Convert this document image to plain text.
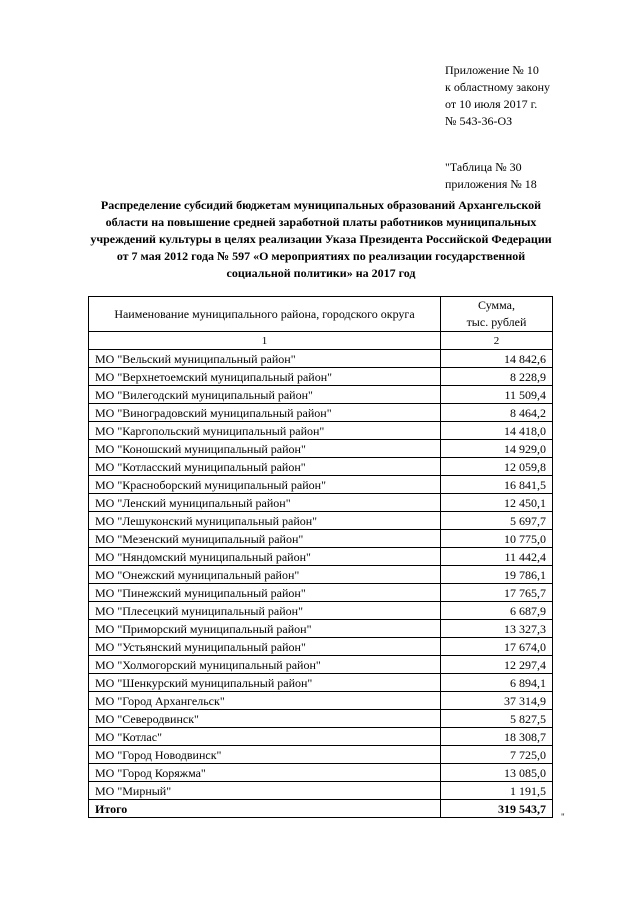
Приложение № 10
к областному закону
от 10 июля 2017 г.
№ 543-36-ОЗ
"Таблица № 30
приложения № 18
Распределение субсидий бюджетам муниципальных образований Архангельской области на повышение средней заработной платы работников муниципальных учреждений культуры в целях реализации Указа Президента Российской Федерации от 7 мая 2012 года № 597 «О мероприятиях по реализации государственной социальной политики» на 2017 год
Наименование муниципального района, городского округа	Сумма,
тыс. рублей

1	2
МО "Вельский муниципальный район"	14 842,6
МО "Верхнетоемский муниципальный район"	8 228,9
МО "Вилегодский муниципальный район"	11 509,4
МО "Виноградовский муниципальный район"	8 464,2
МО "Каргопольский муниципальный район"	14 418,0
МО "Коношский муниципальный район"	14 929,0
МО "Котласский муниципальный район"	12 059,8
МО "Красноборский муниципальный район"	16 841,5
МО "Ленский муниципальный район"	12 450,1
МО "Лешуконский муниципальный район"	5 697,7
МО "Мезенский муниципальный район"	10 775,0
МО "Няндомский муниципальный район"	11 442,4
МО "Онежский муниципальный район"	19 786,1
МО "Пинежский муниципальный район"	17 765,7
МО "Плесецкий муниципальный район"	6 687,9
МО "Приморский муниципальный район"	13 327,3
МО "Устьянский муниципальный район"	17 674,0
МО "Холмогорский муниципальный район"	12 297,4
МО "Шенкурский муниципальный район"	6 894,1
МО "Город Архангельск"	37 314,9
МО "Северодвинск"	5 827,5
МО "Котлас"	18 308,7
МО "Город Новодвинск"	7 725,0
МО "Город Коряжма"	13 085,0
МО "Мирный"	1 191,5
Итого	319 543,7
"
